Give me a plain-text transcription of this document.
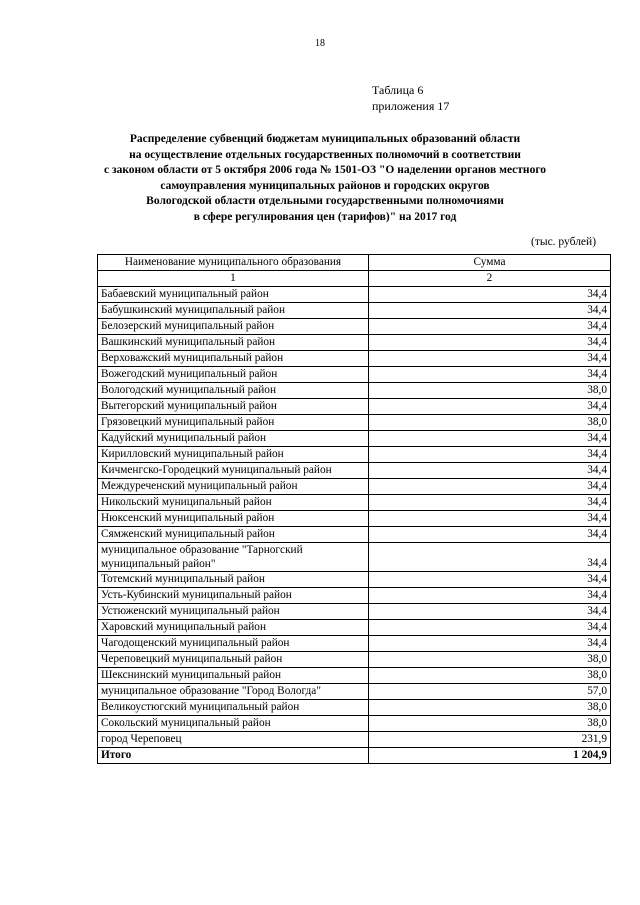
18
Таблица 6
приложения 17
Распределение субвенций бюджетам муниципальных образований области
на осуществление отдельных государственных полномочий в соответствии
с законом области от 5 октября 2006 года № 1501-ОЗ "О наделении органов местного
самоуправления муниципальных районов и городских округов
Вологодской области отдельными государственными полномочиями
в сфере регулирования цен (тарифов)" на 2017 год
(тыс. рублей)
Наименование муниципального образования	Сумма
1	2
Бабаевский муниципальный район	34,4
Бабушкинский муниципальный район	34,4
Белозерский муниципальный район	34,4
Вашкинский муниципальный район	34,4
Верховажский муниципальный район	34,4
Вожегодский муниципальный район	34,4
Вологодский муниципальный район	38,0
Вытегорский муниципальный район	34,4
Грязовецкий муниципальный район	38,0
Кадуйский муниципальный район	34,4
Кирилловский муниципальный район	34,4
Кичменгско-Городецкий муниципальный район	34,4
Междуреченский муниципальный район	34,4
Никольский муниципальный район	34,4
Нюксенский муниципальный район	34,4
Сямженский муниципальный район	34,4
муниципальное образование "Тарногский муниципальный район"	34,4
Тотемский муниципальный район	34,4
Усть-Кубинский муниципальный район	34,4
Устюженский муниципальный район	34,4
Харовский муниципальный район	34,4
Чагодощенский муниципальный район	34,4
Череповецкий муниципальный район	38,0
Шекснинский муниципальный район	38,0
муниципальное образование "Город Вологда"	57,0
Великоустюгский муниципальный район	38,0
Сокольский муниципальный район	38,0
город Череповец	231,9
Итого	1 204,9
